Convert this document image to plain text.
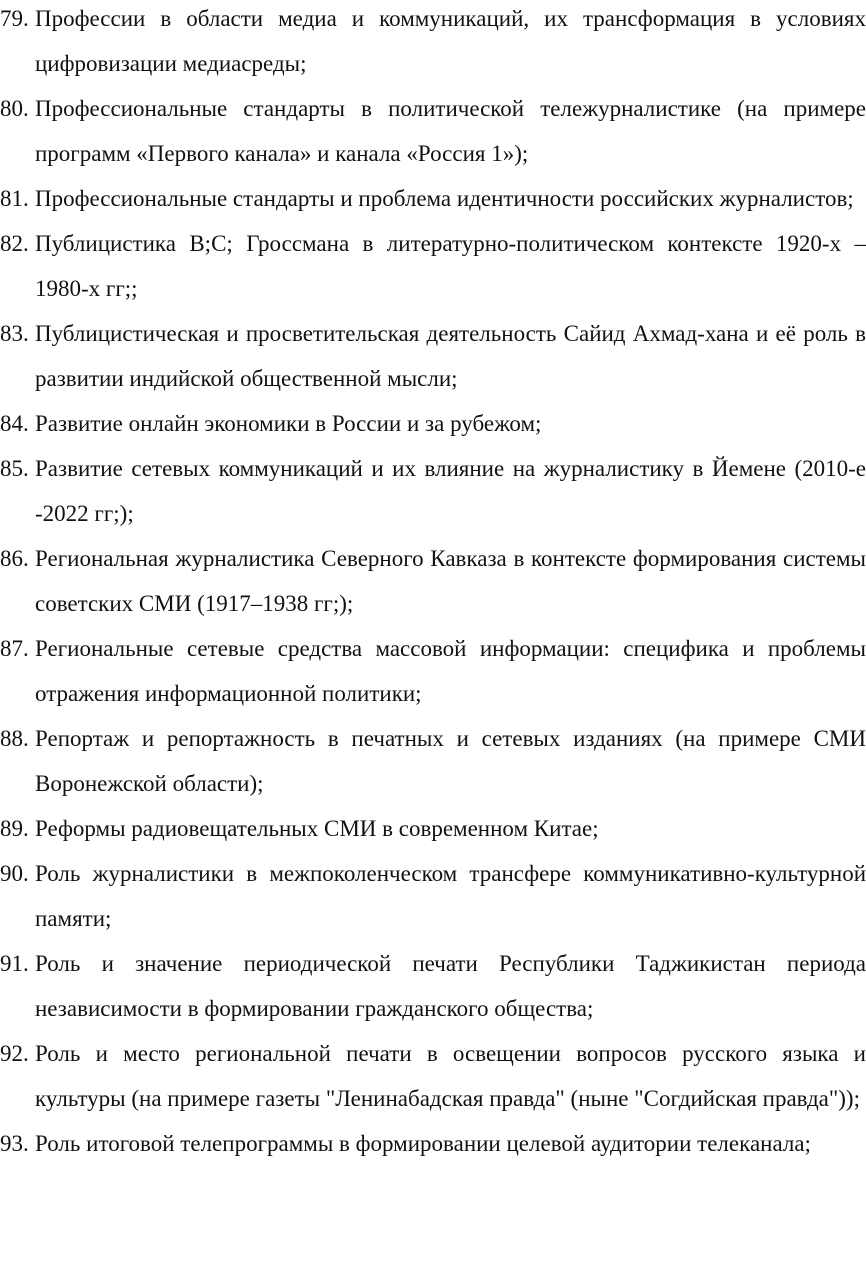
79. Профессии в области медиа и коммуникаций, их трансформация в условиях цифровизации медиасреды;
80. Профессиональные стандарты в политической тележурналистике (на примере программ «Первого канала» и канала «Россия 1»);
81. Профессиональные стандарты и проблема идентичности российских журналистов;
82. Публицистика В;С; Гроссмана в литературно-политическом контексте 1920-х – 1980-х гг;;
83. Публицистическая и просветительская деятельность Сайид Ахмад-хана и её роль в развитии индийской общественной мысли;
84. Развитие онлайн экономики в России и за рубежом;
85. Развитие сетевых коммуникаций и их влияние на журналистику в Йемене (2010-е -2022 гг;);
86. Региональная журналистика Северного Кавказа в контексте формирования системы советских СМИ (1917–1938 гг;);
87. Региональные сетевые средства массовой информации: специфика и проблемы отражения информационной политики;
88. Репортаж и репортажность в печатных и сетевых изданиях (на примере СМИ Воронежской области);
89. Реформы радиовещательных СМИ в современном Китае;
90. Роль журналистики в межпоколенческом трансфере коммуникативно-культурной памяти;
91. Роль и значение периодической печати Республики Таджикистан периода независимости в формировании гражданского общества;
92. Роль и место региональной печати в освещении вопросов русского языка и культуры (на примере газеты "Ленинабадская правда" (ныне "Согдийская правда"));
93. Роль итоговой телепрограммы в формировании целевой аудитории телеканала;
